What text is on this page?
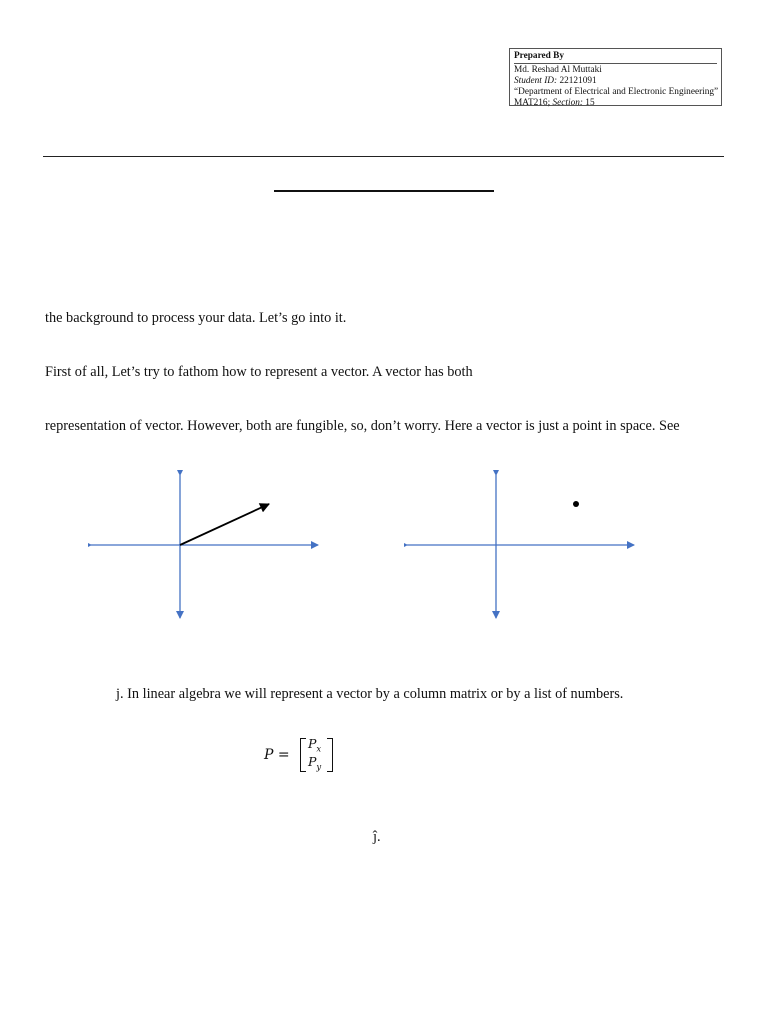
Prepared By
Md. Reshad Al Muttaki
Student ID: 22121091
“Department of Electrical and Electronic Engineering”
MAT216; Section: 15
the background to process your data. Let’s go into it.
First of all, Let’s try to fathom how to represent a vector. A vector has both
representation of vector. However, both are fungible, so, don’t worry. Here a vector is just a point in space. See
j. In linear algebra we will represent a vector by a column matrix or by a list of numbers.
P =
$P_x$
$P_y$
ĵ.
